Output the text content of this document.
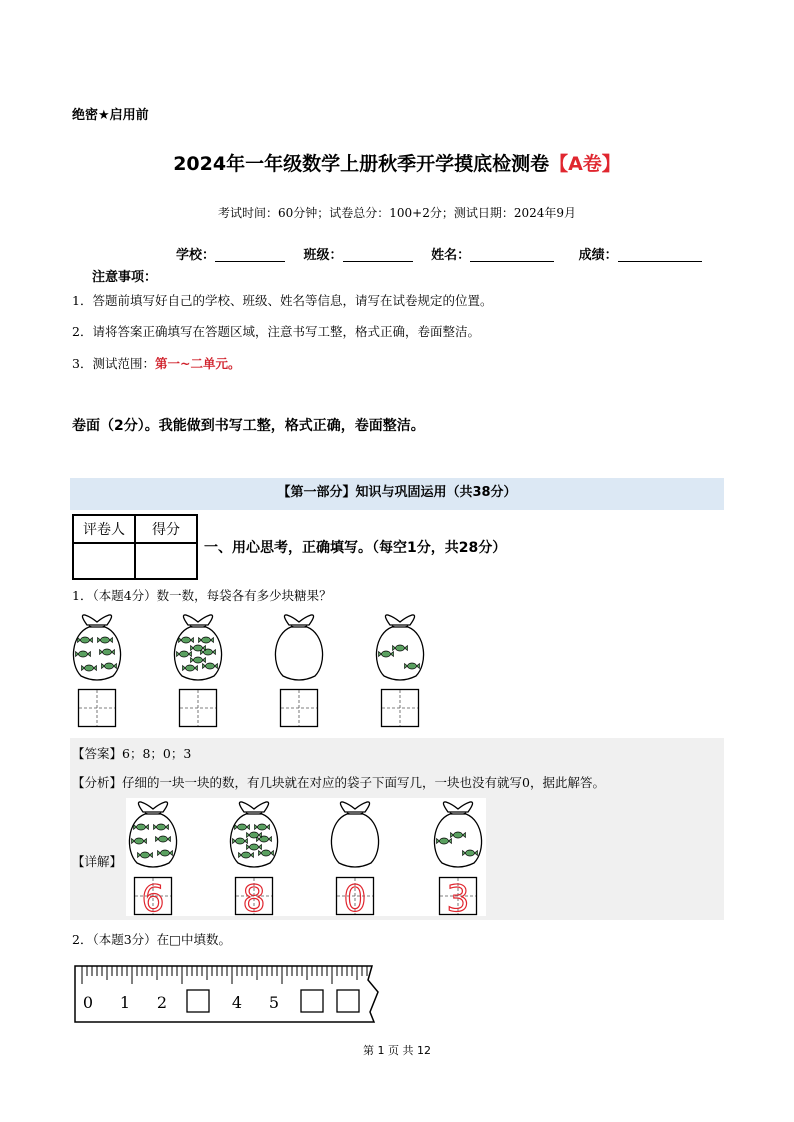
绝密★启用前
2024年一年级数学上册秋季开学摸底检测卷【A卷】
考试时间：60分钟；试卷总分：100+2分；测试日期：2024年9月
学校：	班级：	姓名：	成绩：
注意事项：
1．答题前填写好自己的学校、班级、姓名等信息，请写在试卷规定的位置。
2．请将答案正确填写在答题区域，注意书写工整，格式正确，卷面整洁。
3．测试范围：第一~二单元。
卷面（2分）。我能做到书写工整，格式正确，卷面整洁。
【第一部分】知识与巩固运用（共38分）
评卷人	得分

一、用心思考，正确填写。（每空1分，共28分）
1．（本题4分）数一数，每袋各有多少块糖果？
【答案】6；8；0；3
【分析】仔细的一块一块的数，有几块就在对应的袋子下面写几，一块也没有就写0，据此解答。
【详解】
2．（本题3分）在□中填数。
0 1 2	4 5
第 1 页 共 12
6 8 0 3
